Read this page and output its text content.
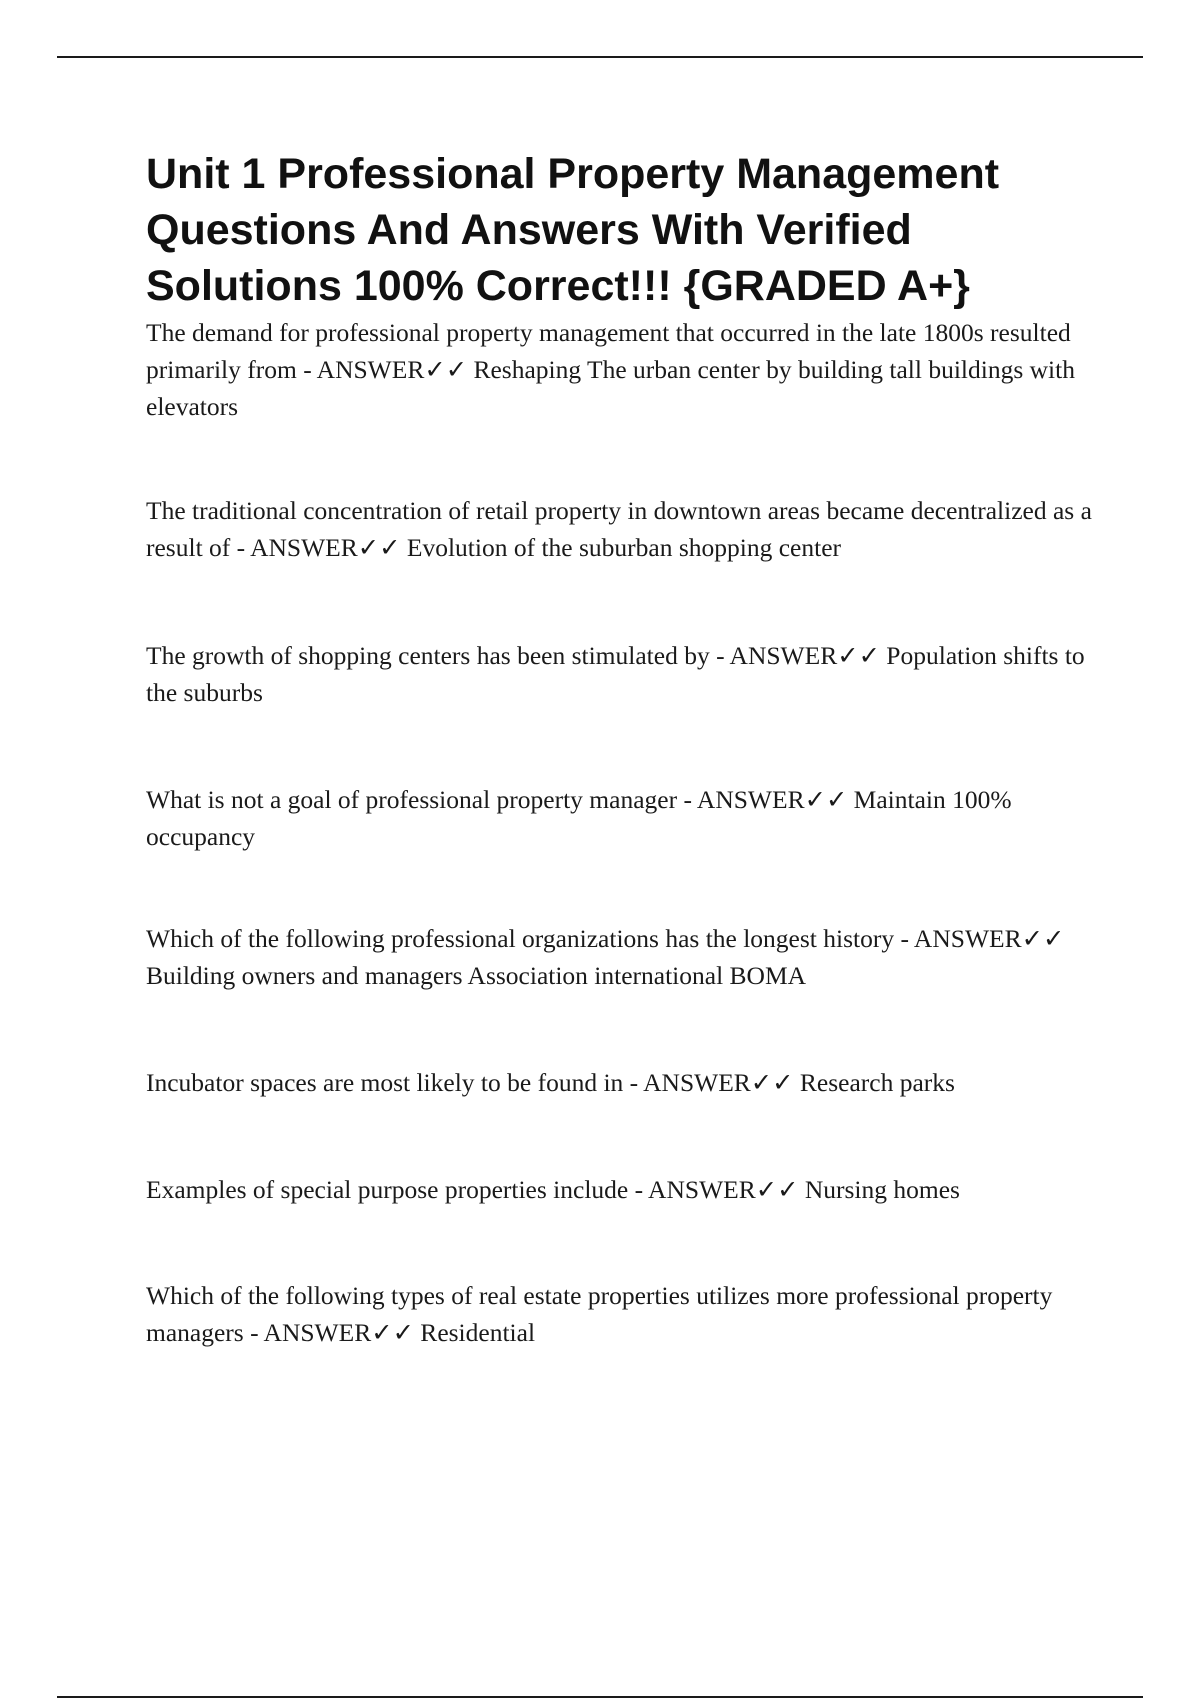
Unit 1 Professional Property Management Questions And Answers With Verified Solutions 100% Correct!!! {GRADED A+}

The demand for professional property management that occurred in the late 1800s resulted primarily from - ANSWER✓✓ Reshaping The urban center by building tall buildings with elevators

The traditional concentration of retail property in downtown areas became decentralized as a result of - ANSWER✓✓ Evolution of the suburban shopping center

The growth of shopping centers has been stimulated by - ANSWER✓✓ Population shifts to the suburbs

What is not a goal of professional property manager - ANSWER✓✓ Maintain 100% occupancy

Which of the following professional organizations has the longest history - ANSWER✓✓ Building owners and managers Association international BOMA

Incubator spaces are most likely to be found in - ANSWER✓✓ Research parks

Examples of special purpose properties include - ANSWER✓✓ Nursing homes

Which of the following types of real estate properties utilizes more professional property managers - ANSWER✓✓ Residential
